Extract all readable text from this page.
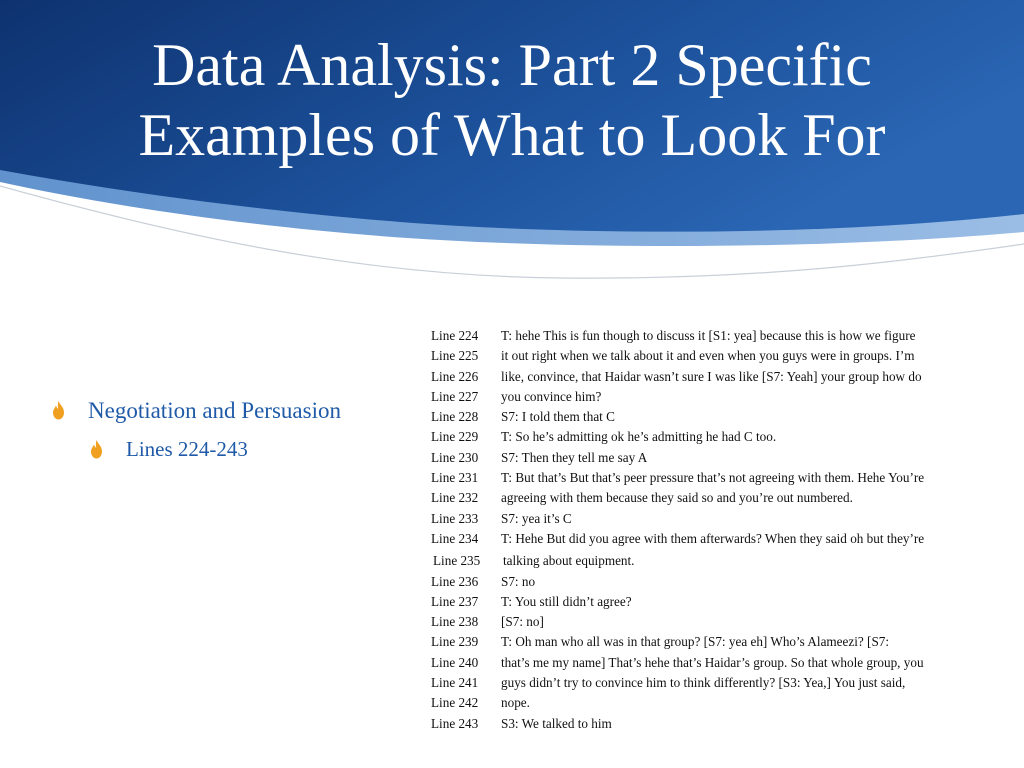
Data Analysis: Part 2 Specific
Examples of What to Look For
Negotiation and Persuasion
Lines 224-243
Line 224	T: hehe This is fun though to discuss it [S1: yea] because this is how we figure
Line 225	it out right when we talk about it and even when you guys were in groups. I’m
Line 226	like, convince, that Haidar wasn’t sure I was like [S7: Yeah] your group how do
Line 227	you convince him?
Line 228	S7: I told them that C
Line 229	T: So he’s admitting ok he’s admitting he had C too.
Line 230	S7: Then they tell me say A
Line 231	T: But that’s But that’s peer pressure that’s not agreeing with them. Hehe You’re
Line 232	agreeing with them because they said so and you’re out numbered.
Line 233	S7: yea it’s C
Line 234	T: Hehe But did you agree with them afterwards? When they said oh but they’re
Line 235	talking about equipment.
Line 236	S7: no
Line 237	T: You still didn’t agree?
Line 238	[S7: no]
Line 239	T: Oh man who all was in that group? [S7: yea eh] Who’s Alameezi? [S7:
Line 240	that’s me my name] That’s hehe that’s Haidar’s group. So that whole group, you
Line 241	guys didn’t try to convince him to think differently? [S3: Yea,] You just said,
Line 242	nope.
Line 243	S3: We talked to him
